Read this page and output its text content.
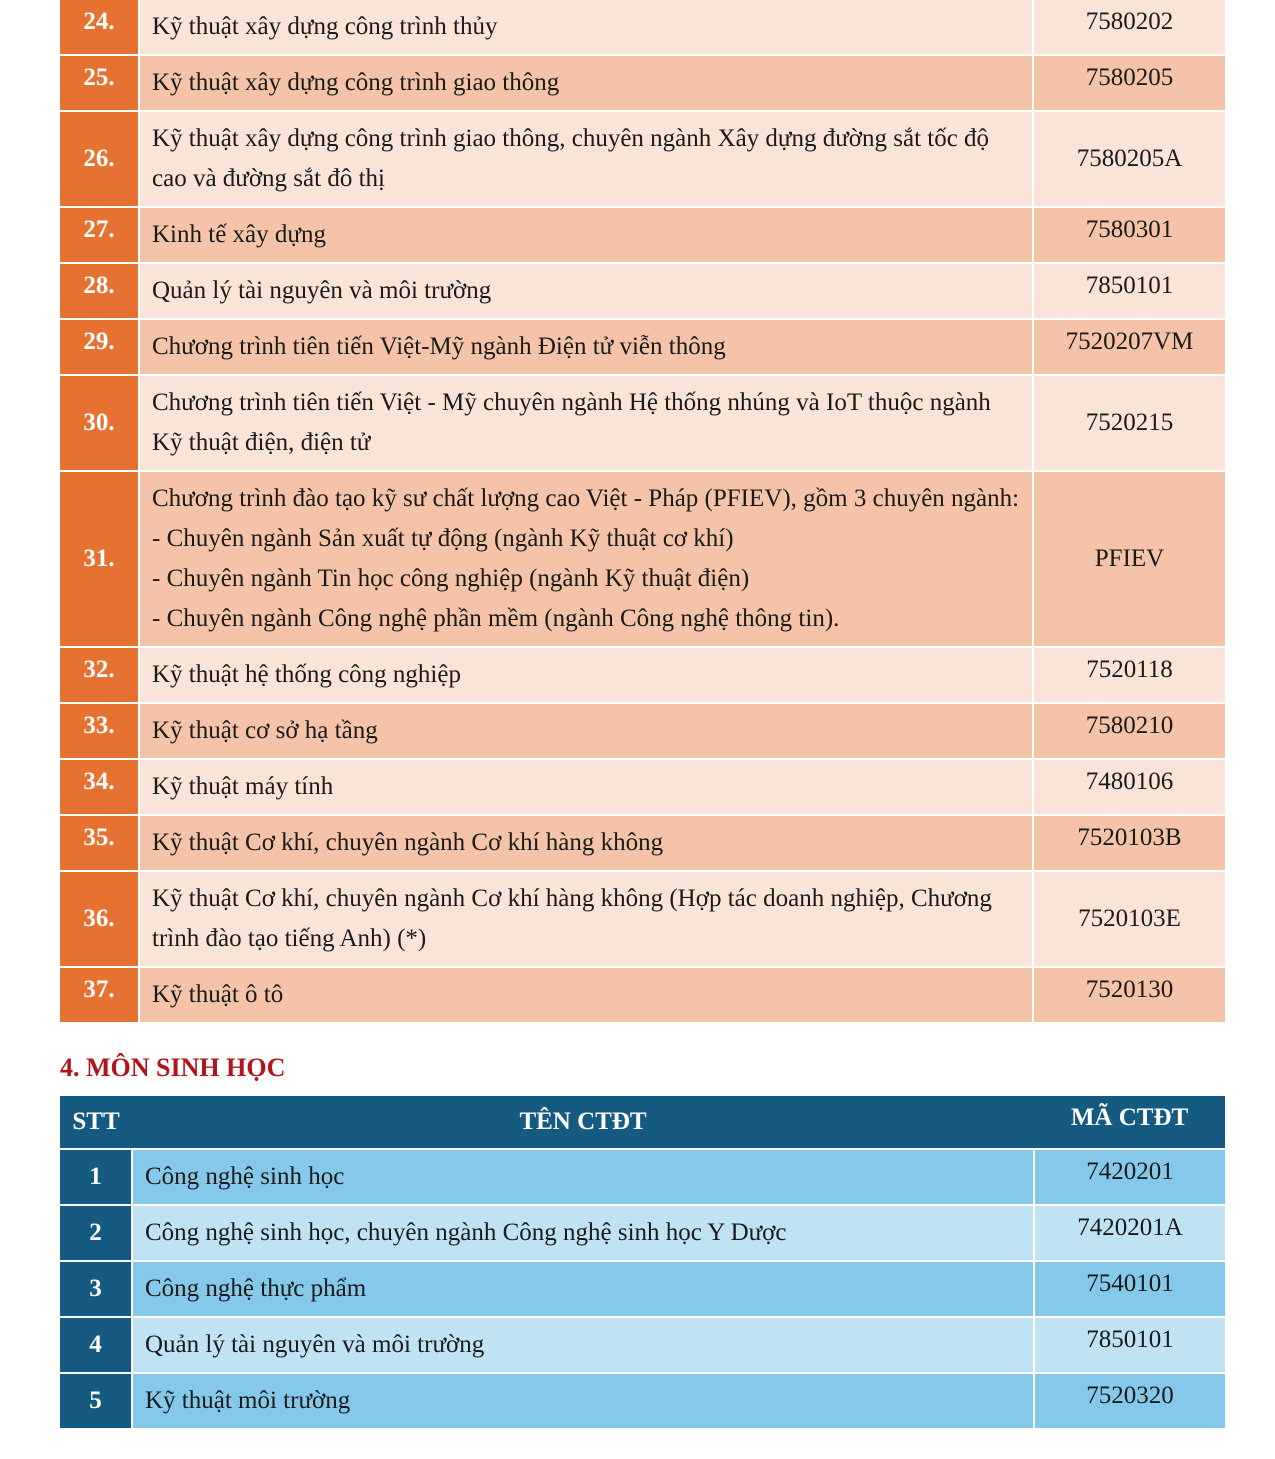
24.	Kỹ thuật xây dựng công trình thủy	7580202
25.	Kỹ thuật xây dựng công trình giao thông	7580205
26.	Kỹ thuật xây dựng công trình giao thông, chuyên ngành Xây dựng đường sắt tốc độ cao và đường sắt đô thị	7580205A
27.	Kinh tế xây dựng	7580301
28.	Quản lý tài nguyên và môi trường	7850101
29.	Chương trình tiên tiến Việt-Mỹ ngành Điện tử viễn thông	7520207VM
30.	Chương trình tiên tiến Việt - Mỹ chuyên ngành Hệ thống nhúng và IoT thuộc ngành Kỹ thuật điện, điện tử	7520215
31.	Chương trình đào tạo kỹ sư chất lượng cao Việt - Pháp (PFIEV), gồm 3 chuyên ngành:
- Chuyên ngành Sản xuất tự động (ngành Kỹ thuật cơ khí)
- Chuyên ngành Tin học công nghiệp (ngành Kỹ thuật điện)
- Chuyên ngành Công nghệ phần mềm (ngành Công nghệ thông tin).	PFIEV
32.	Kỹ thuật hệ thống công nghiệp	7520118
33.	Kỹ thuật cơ sở hạ tầng	7580210
34.	Kỹ thuật máy tính	7480106
35.	Kỹ thuật Cơ khí, chuyên ngành Cơ khí hàng không	7520103B
36.	Kỹ thuật Cơ khí, chuyên ngành Cơ khí hàng không (Hợp tác doanh nghiệp, Chương trình đào tạo tiếng Anh) (*)	7520103E
37.	Kỹ thuật ô tô	7520130
4. MÔN SINH HỌC
STT	TÊN CTĐT	MÃ CTĐT
1	Công nghệ sinh học	7420201
2	Công nghệ sinh học, chuyên ngành Công nghệ sinh học Y Dược	7420201A
3	Công nghệ thực phẩm	7540101
4	Quản lý tài nguyên và môi trường	7850101
5	Kỹ thuật môi trường	7520320
